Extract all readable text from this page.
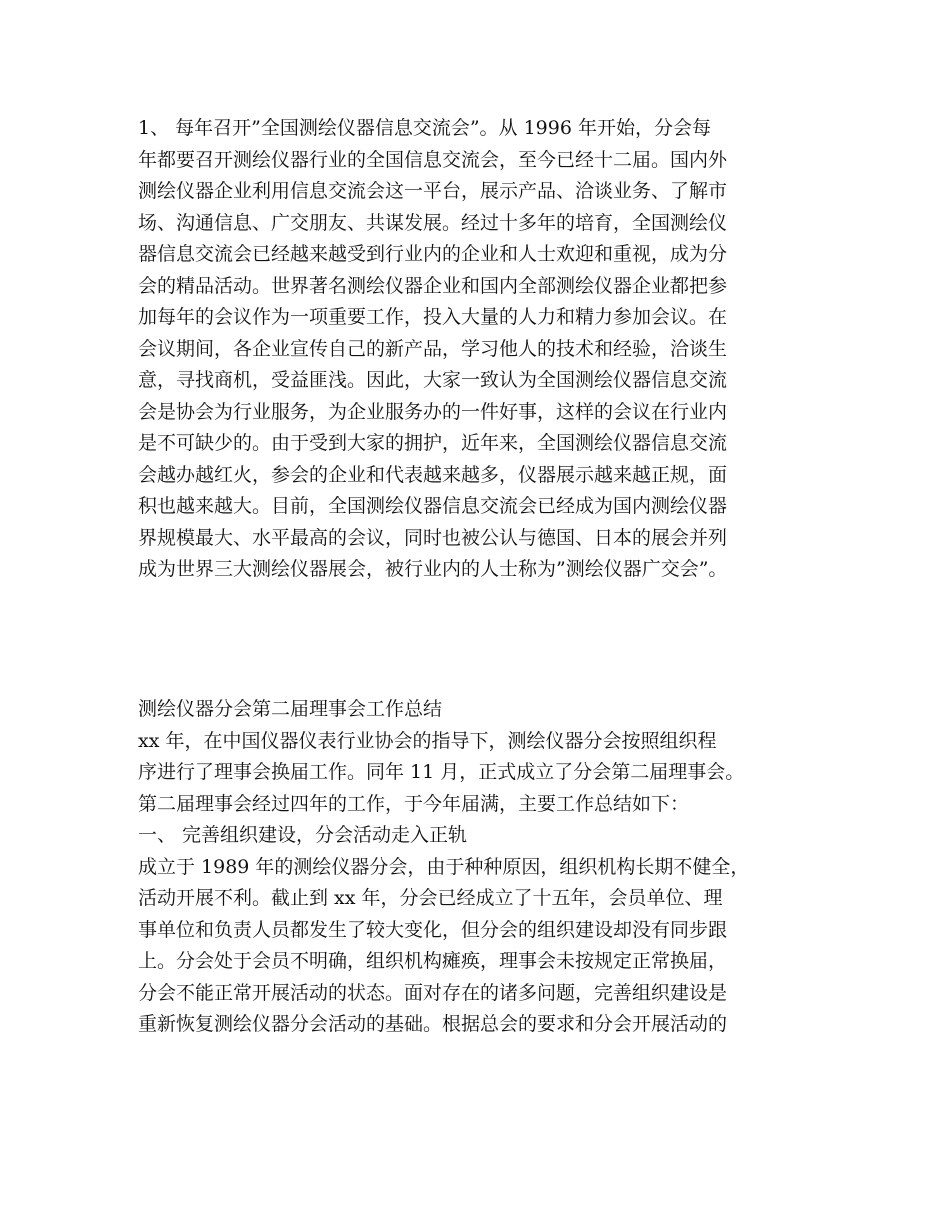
1、 每年召开”全国测绘仪器信息交流会”。从 1996 年开始，分会每
年都要召开测绘仪器行业的全国信息交流会，至今已经十二届。国内外
测绘仪器企业利用信息交流会这一平台，展示产品、洽谈业务、了解市
场、沟通信息、广交朋友、共谋发展。经过十多年的培育，全国测绘仪
器信息交流会已经越来越受到行业内的企业和人士欢迎和重视，成为分
会的精品活动。世界著名测绘仪器企业和国内全部测绘仪器企业都把参
加每年的会议作为一项重要工作，投入大量的人力和精力参加会议。在
会议期间，各企业宣传自己的新产品，学习他人的技术和经验，洽谈生
意，寻找商机，受益匪浅。因此，大家一致认为全国测绘仪器信息交流
会是协会为行业服务，为企业服务办的一件好事，这样的会议在行业内
是不可缺少的。由于受到大家的拥护，近年来，全国测绘仪器信息交流
会越办越红火，参会的企业和代表越来越多，仪器展示越来越正规，面
积也越来越大。目前，全国测绘仪器信息交流会已经成为国内测绘仪器
界规模最大、水平最高的会议，同时也被公认与德国、日本的展会并列
成为世界三大测绘仪器展会，被行业内的人士称为”测绘仪器广交会”。
测绘仪器分会第二届理事会工作总结
xx 年，在中国仪器仪表行业协会的指导下，测绘仪器分会按照组织程
序进行了理事会换届工作。同年 11 月，正式成立了分会第二届理事会。
第二届理事会经过四年的工作，于今年届满，主要工作总结如下：
一、 完善组织建设，分会活动走入正轨
成立于 1989 年的测绘仪器分会，由于种种原因，组织机构长期不健全，
活动开展不利。截止到 xx 年，分会已经成立了十五年，会员单位、理
事单位和负责人员都发生了较大变化，但分会的组织建设却没有同步跟
上。分会处于会员不明确，组织机构瘫痪，理事会未按规定正常换届，
分会不能正常开展活动的状态。面对存在的诸多问题，完善组织建设是
重新恢复测绘仪器分会活动的基础。根据总会的要求和分会开展活动的
